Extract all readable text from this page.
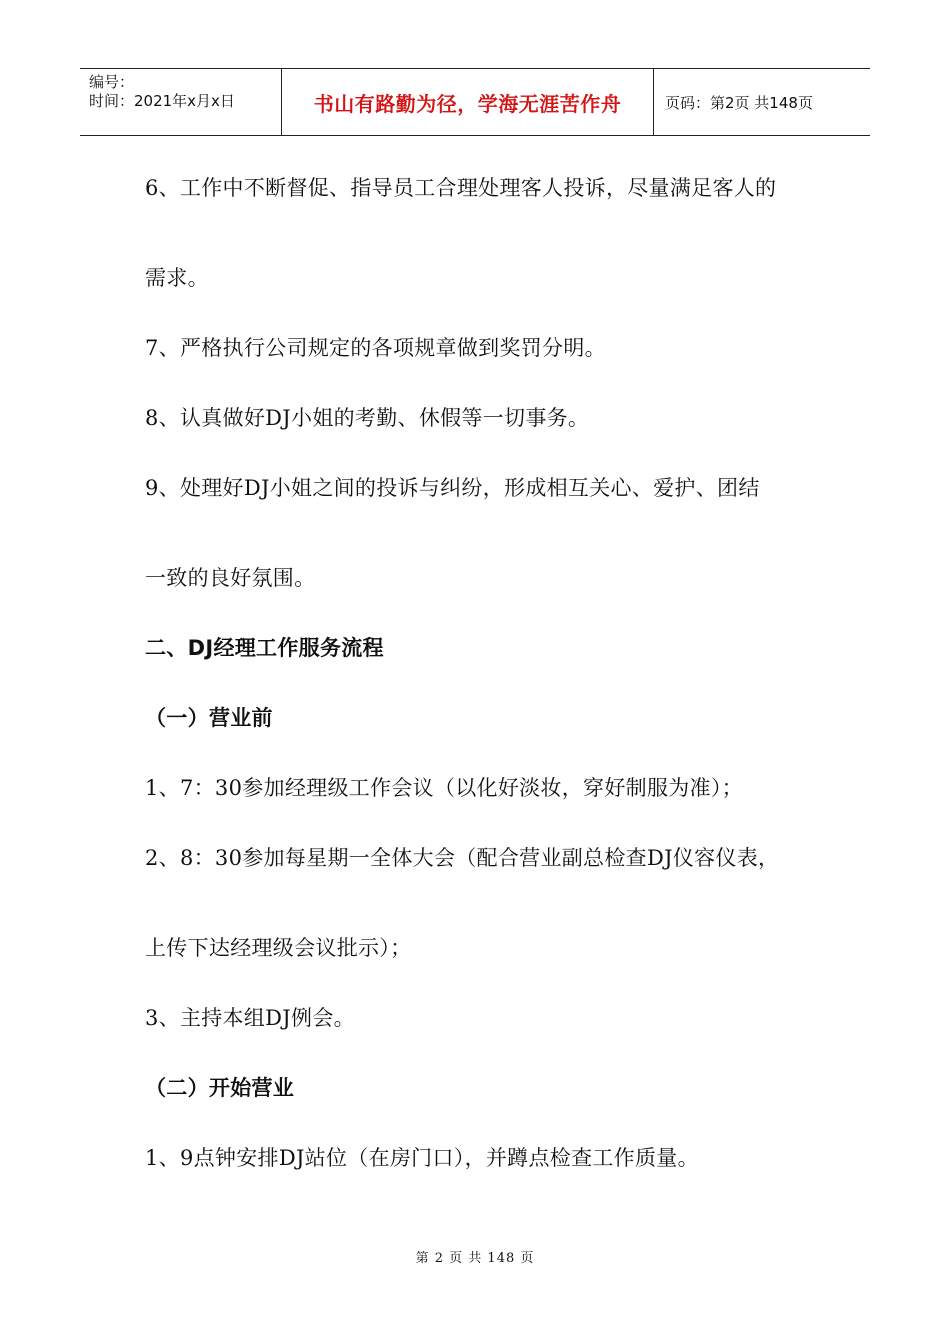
编号：
时间：2021年x月x日	书山有路勤为径，学海无涯苦作舟	页码：第2页 共148页
6、工作中不断督促、指导员工合理处理客人投诉，尽量满足客人的
需求。
7、严格执行公司规定的各项规章做到奖罚分明。
8、认真做好DJ小姐的考勤、休假等一切事务。
9、处理好DJ小姐之间的投诉与纠纷，形成相互关心、爱护、团结
一致的良好氛围。
二、DJ经理工作服务流程
（一）营业前
1、7：30参加经理级工作会议（以化好淡妆，穿好制服为准）；
2、8：30参加每星期一全体大会（配合营业副总检查DJ仪容仪表，
上传下达经理级会议批示）；
3、主持本组DJ例会。
（二）开始营业
1、9点钟安排DJ站位（在房门口），并蹲点检查工作质量。
第 2 页 共 148 页
